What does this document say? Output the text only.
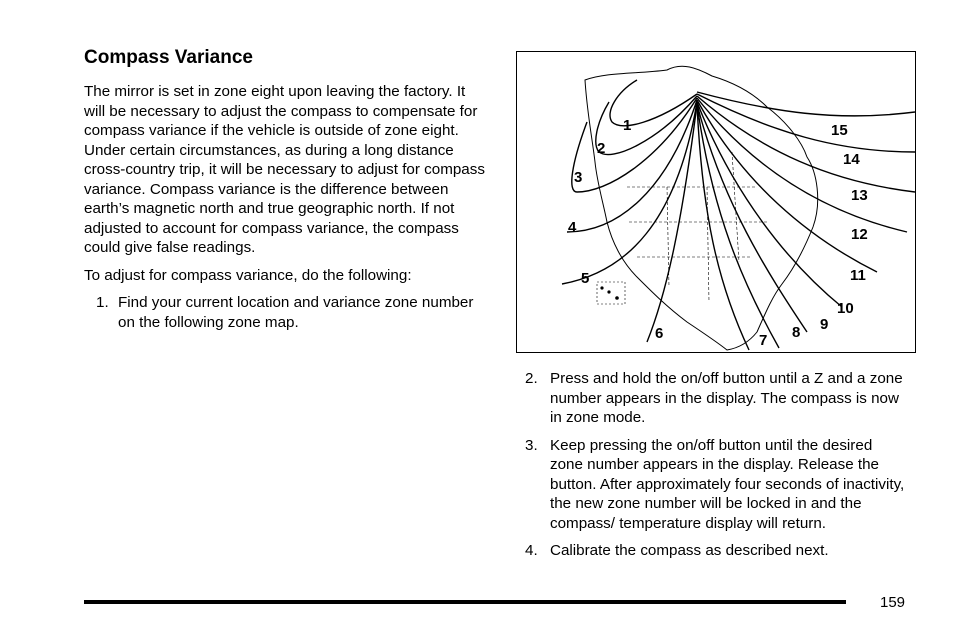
Compass Variance

The mirror is set in zone eight upon leaving the factory. It will be necessary to adjust the compass to compensate for compass variance if the vehicle is outside of zone eight. Under certain circumstances, as during a long distance cross-country trip, it will be necessary to adjust for compass variance. Compass variance is the difference between earth’s magnetic north and true geographic north. If not adjusted to account for compass variance, the compass could give false readings.

To adjust for compass variance, do the following:

1. Find your current location and variance zone number on the following zone map.
1
2
3
4
5
6	7 8 9
10
11
12
13
14
15
2. Press and hold the on/off button until a Z and a zone number appears in the display. The compass is now in zone mode.
3. Keep pressing the on/off button until the desired zone number appears in the display. Release the button. After approximately four seconds of inactivity, the new zone number will be locked in and the compass/ temperature display will return.
4. Calibrate the compass as described next.
159
